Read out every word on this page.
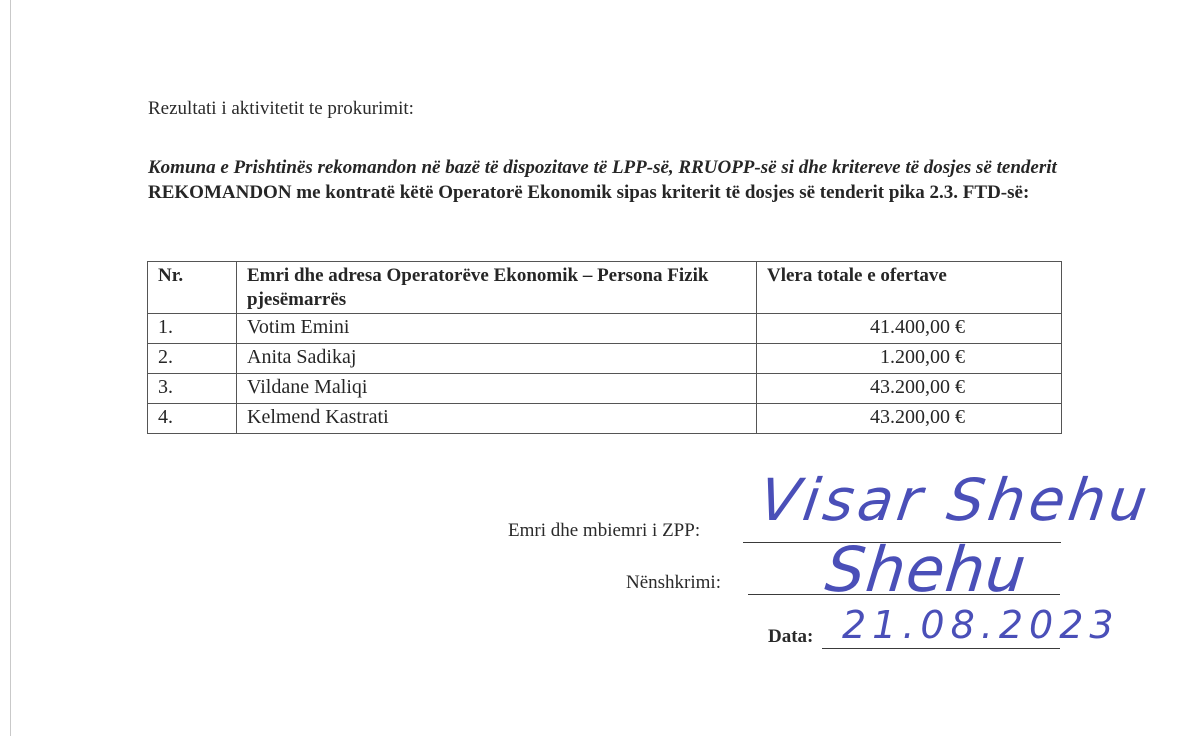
Rezultati i aktivitetit te prokurimit:
Komuna e Prishtinës rekomandon në bazë të dispozitave të LPP-së, RRUOPP-së si dhe kritereve të dosjes së tenderit REKOMANDON me kontratë këtë Operatorë Ekonomik sipas kriterit të dosjes së tenderit pika 2.3. FTD-së:
Nr.	Emri dhe adresa Operatorëve Ekonomik – Persona Fizik pjesëmarrës	Vlera totale e ofertave
1.	Votim Emini	41.400,00 €
2.	Anita Sadikaj	1.200,00 €
3.	Vildane Maliqi	43.200,00 €
4.	Kelmend Kastrati	43.200,00 €
Emri dhe mbiemri i ZPP: Visar Shehu
Nënshkrimi: Shehu
Data: 21.08.2023
